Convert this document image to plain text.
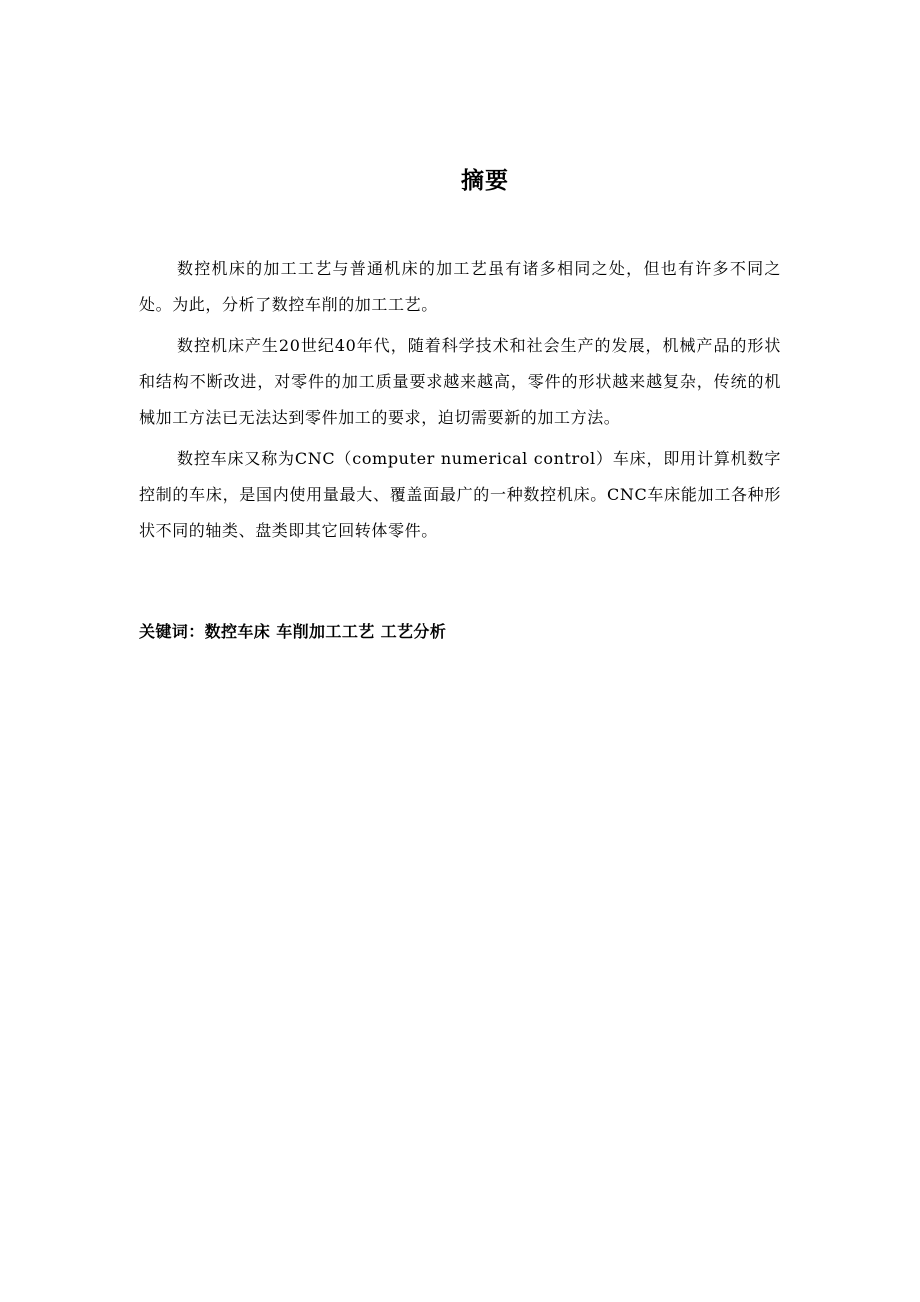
摘要

数控机床的加工工艺与普通机床的加工艺虽有诸多相同之处，但也有许多不同之处。为此，分析了数控车削的加工工艺。

数控机床产生20世纪40年代，随着科学技术和社会生产的发展，机械产品的形状和结构不断改进，对零件的加工质量要求越来越高，零件的形状越来越复杂，传统的机械加工方法已无法达到零件加工的要求，迫切需要新的加工方法。

数控车床又称为CNC（computer numerical control）车床，即用计算机数字控制的车床，是国内使用量最大、覆盖面最广的一种数控机床。CNC车床能加工各种形状不同的轴类、盘类即其它回转体零件。

关键词：数控车床 车削加工工艺 工艺分析
